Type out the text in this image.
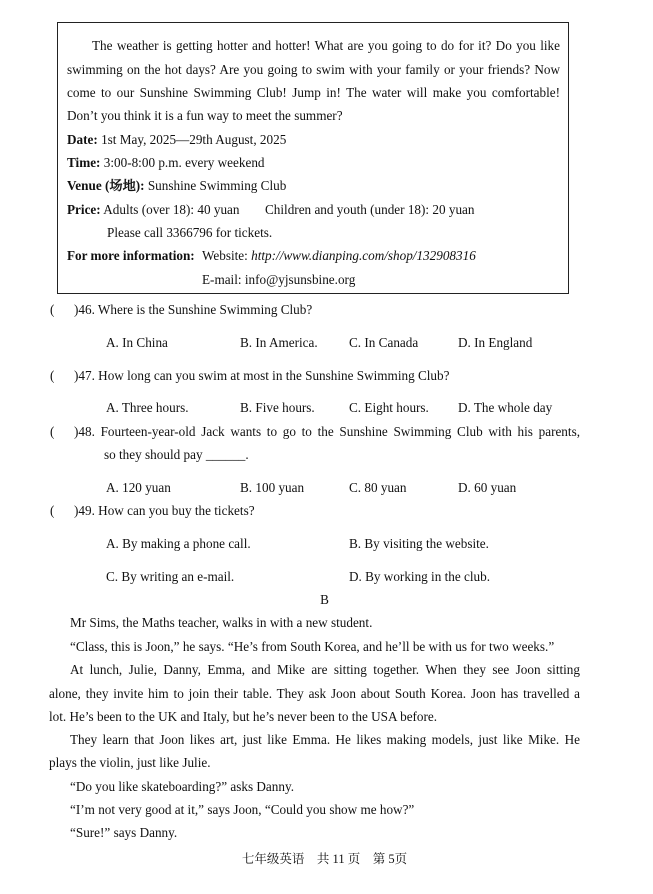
The weather is getting hotter and hotter! What are you going to do for it? Do you like
swimming on the hot days? Are you going to swim with your family or your friends? Now
come to our Sunshine Swimming Club! Jump in! The water will make you comfortable!
Don’t you think it is a fun way to meet the summer?
Date: 1st May, 2025—29th August, 2025
Time: 3:00-8:00 p.m. every weekend
Venue (场地): Sunshine Swimming Club
Price: Adults (over 18): 40 yuan Children and youth (under 18): 20 yuan
Please call 3366796 for tickets.
For more information: Website: http://www.dianping.com/shop/132908316
E-mail: info@yjsunsbine.org
( )46. Where is the Sunshine Swimming Club?
A. In China	B. In America. C. In Canada	D. In England
( )47. How long can you swim at most in the Sunshine Swimming Club?
A. Three hours.	B. Five hours.	C. Eight hours. D. The whole day
( )48. Fourteen-year-old Jack wants to go to the Sunshine Swimming Club with his parents,
so they should pay ______.
A. 120 yuan	B. 100 yuan	C. 80 yuan	D. 60 yuan
( )49. How can you buy the tickets?
A. By making a phone call.	B. By visiting the website.
C. By writing an e-mail.	D. By working in the club.
B
Mr Sims, the Maths teacher, walks in with a new student.
“Class, this is Joon,” he says. “He’s from South Korea, and he’ll be with us for two weeks.”
At lunch, Julie, Danny, Emma, and Mike are sitting together. When they see Joon sitting
alone, they invite him to join their table. They ask Joon about South Korea. Joon has travelled a
lot. He’s been to the UK and Italy, but he’s never been to the USA before.
They learn that Joon likes art, just like Emma. He likes making models, just like Mike. He
plays the violin, just like Julie.
“Do you like skateboarding?” asks Danny.
“I’m not very good at it,” says Joon, “Could you show me how?”
“Sure!” says Danny.
七年级英语　共 11 页　第 5页
